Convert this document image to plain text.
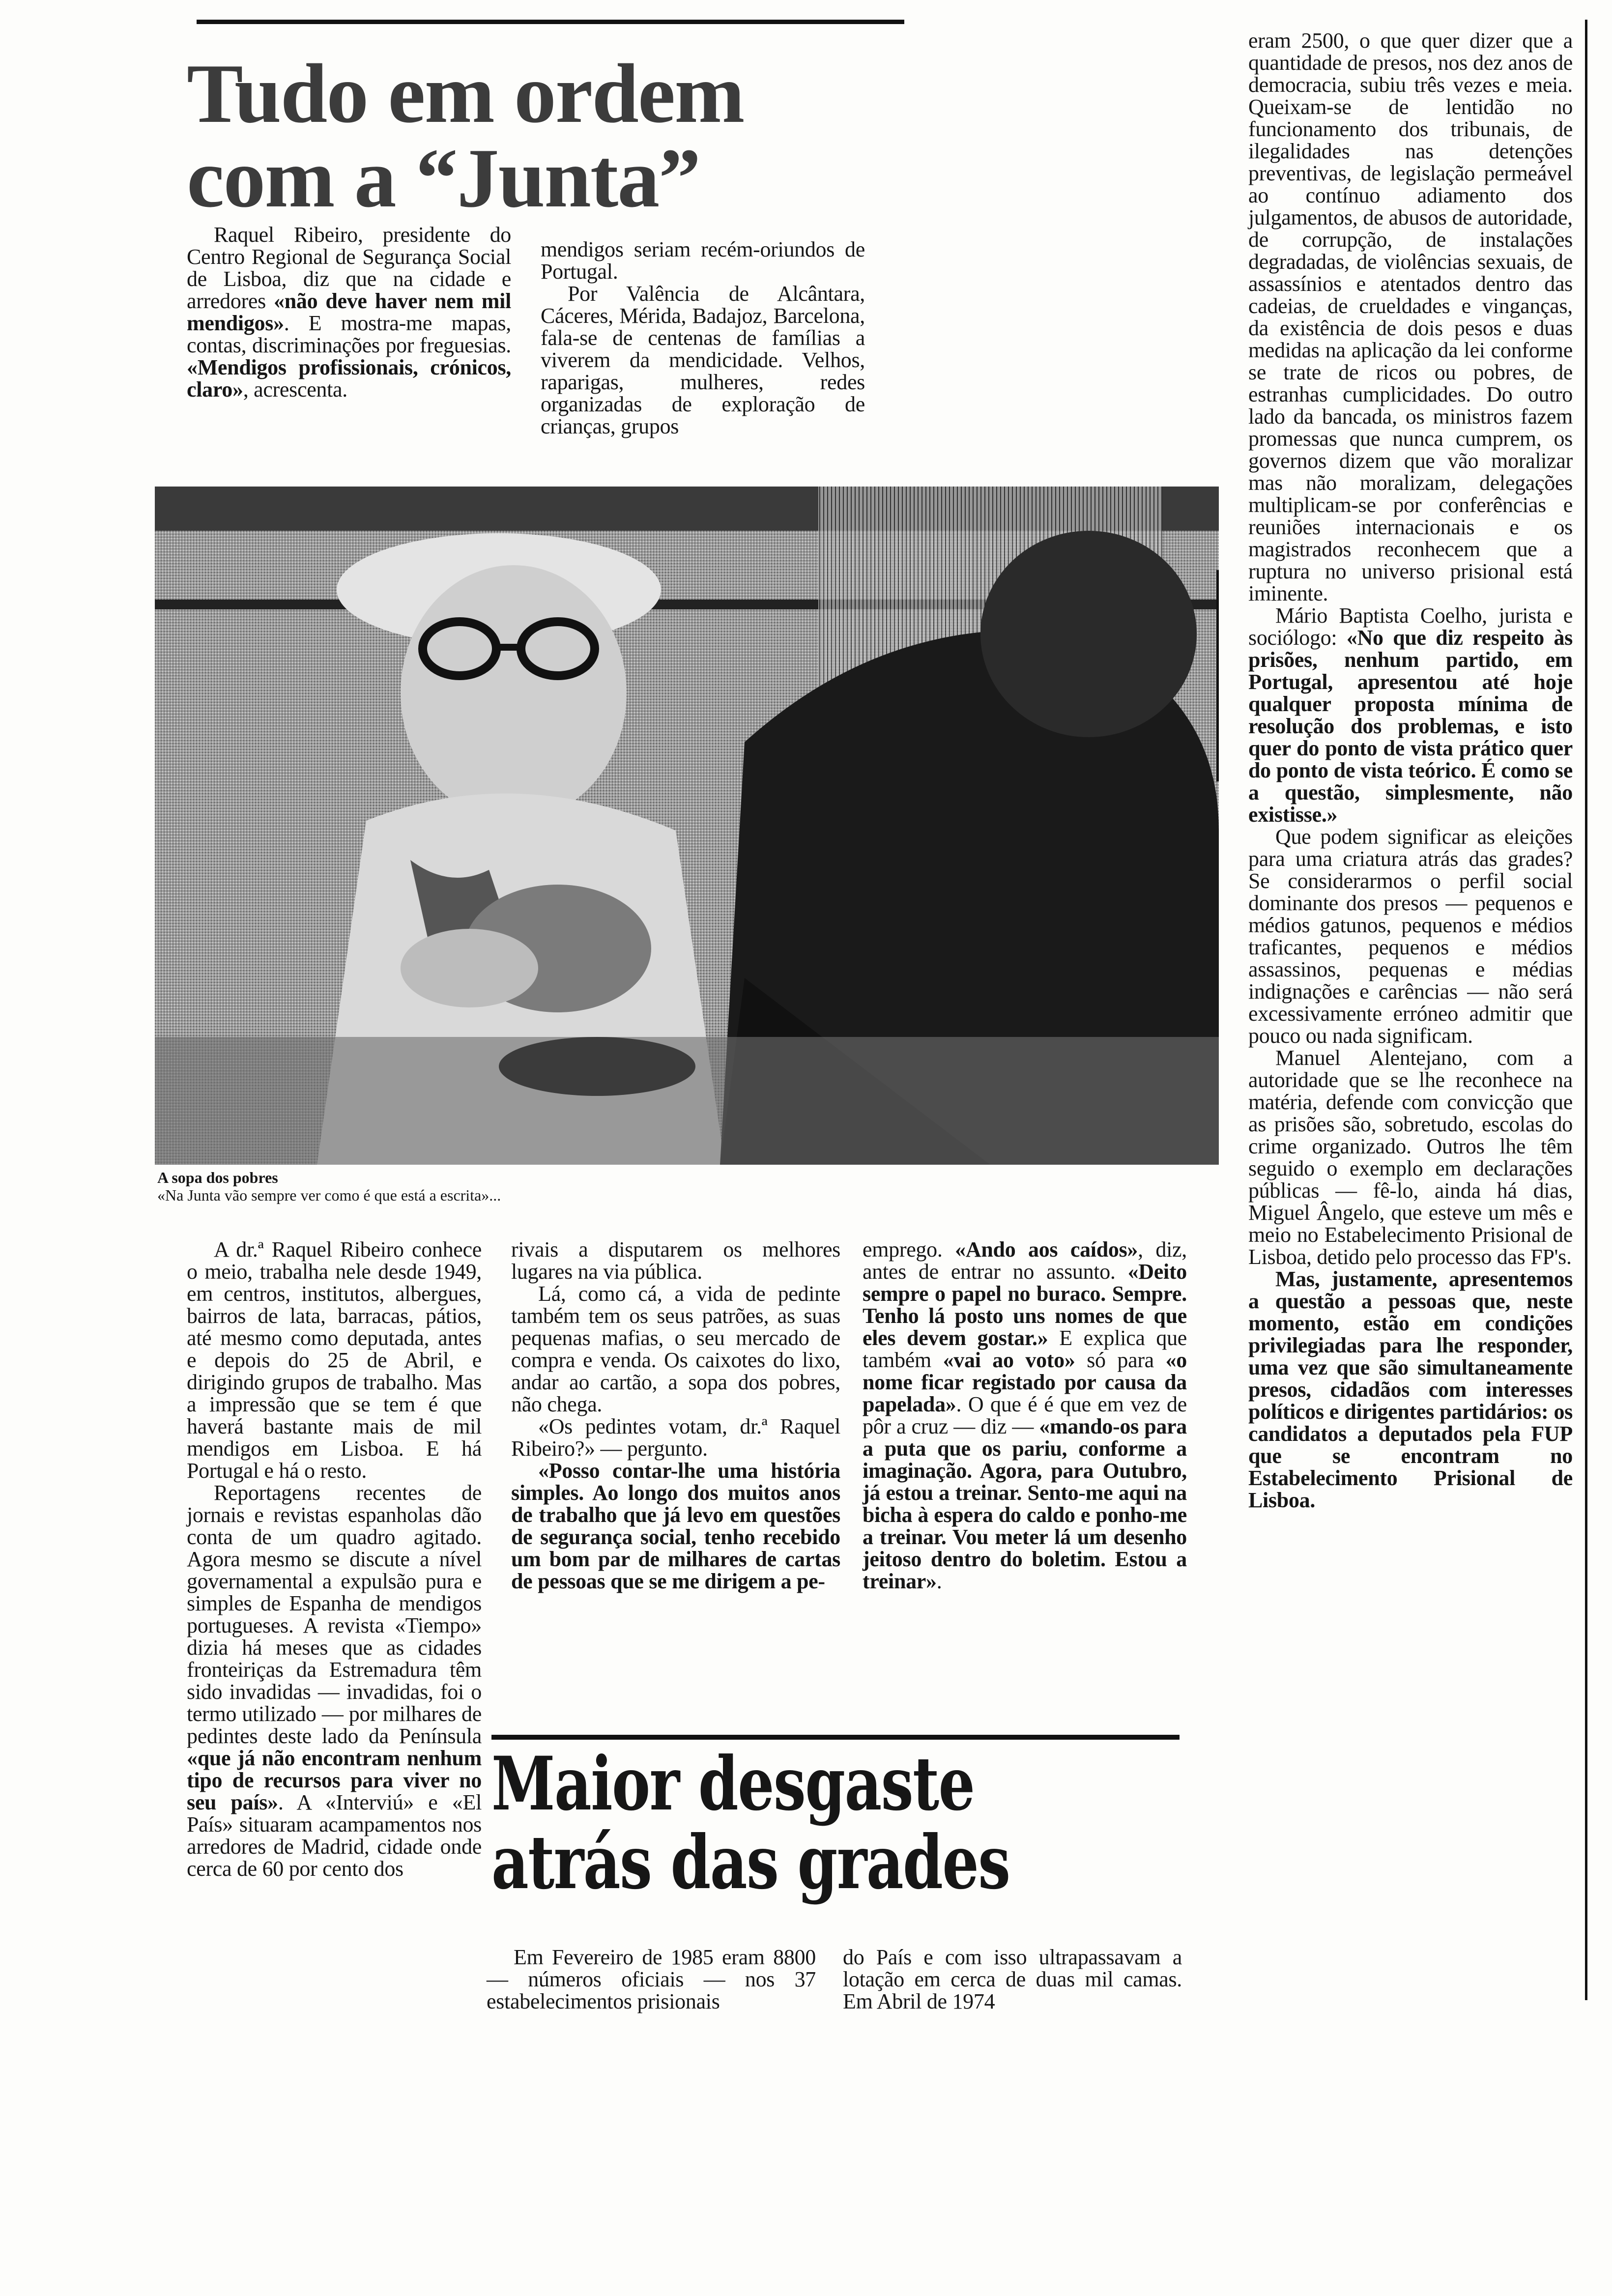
Tudo em ordem
com a “Junta”

Raquel Ribeiro, presidente do Centro Regional de Segurança Social de Lisboa, diz que na cidade e arredores «não deve haver nem mil mendigos». E mostra-me mapas, contas, discriminações por freguesias. «Mendigos profissionais, crónicos, claro», acrescenta.

mendigos seriam recém-oriundos de Portugal.

Por Valência de Alcântara, Cáceres, Mérida, Badajoz, Barcelona, fala-se de centenas de famílias a viverem da mendicidade. Velhos, raparigas, mulheres, redes organizadas de exploração de crianças, grupos

A sopa dos pobres
«Na Junta vão sempre ver como é que está a escrita»...

A dr.ª Raquel Ribeiro conhece o meio, trabalha nele desde 1949, em centros, institutos, albergues, bairros de lata, barracas, pátios, até mesmo como deputada, antes e depois do 25 de Abril, e dirigindo grupos de trabalho. Mas a impressão que se tem é que haverá bastante mais de mil mendigos em Lisboa. E há Portugal e há o resto.

Reportagens recentes de jornais e revistas espanholas dão conta de um quadro agitado. Agora mesmo se discute a nível governamental a expulsão pura e simples de Espanha de mendigos portugueses. A revista «Tiempo» dizia há meses que as cidades fronteiriças da Estremadura têm sido invadidas — invadidas, foi o termo utilizado — por milhares de pedintes deste lado da Península «que já não encontram nenhum tipo de recursos para viver no seu país». A «Interviú» e «El País» situaram acampamentos nos arredores de Madrid, cidade onde cerca de 60 por cento dos

rivais a disputarem os melhores lugares na via pública.

Lá, como cá, a vida de pedinte também tem os seus patrões, as suas pequenas mafias, o seu mercado de compra e venda. Os caixotes do lixo, andar ao cartão, a sopa dos pobres, não chega.

«Os pedintes votam, dr.ª Raquel Ribeiro?» — pergunto.

«Posso contar-lhe uma história simples. Ao longo dos muitos anos de trabalho que já levo em questões de segurança social, tenho recebido um bom par de milhares de cartas de pessoas que se me dirigem a pe-

emprego. «Ando aos caídos», diz, antes de entrar no assunto. «Deito sempre o papel no buraco. Sempre. Tenho lá posto uns nomes de que eles devem gostar.» E explica que também «vai ao voto» só para «o nome ficar registado por causa da papelada». O que é é que em vez de pôr a cruz — diz — «mando-os para a puta que os pariu, conforme a imaginação. Agora, para Outubro, já estou a treinar. Sento-me aqui na bicha à espera do caldo e ponho-me a treinar. Vou meter lá um desenho jeitoso dentro do boletim. Estou a treinar».

eram 2500, o que quer dizer que a quantidade de presos, nos dez anos de democracia, subiu três vezes e meia. Queixam-se de lentidão no funcionamento dos tribunais, de ilegalidades nas detenções preventivas, de legislação permeável ao contínuo adiamento dos julgamentos, de abusos de autoridade, de corrupção, de instalações degradadas, de violências sexuais, de assassínios e atentados dentro das cadeias, de crueldades e vinganças, da existência de dois pesos e duas medidas na aplicação da lei conforme se trate de ricos ou pobres, de estranhas cumplicidades. Do outro lado da bancada, os ministros fazem promessas que nunca cumprem, os governos dizem que vão moralizar mas não moralizam, delegações multiplicam-se por conferências e reuniões internacionais e os magistrados reconhecem que a ruptura no universo prisional está iminente.

Mário Baptista Coelho, jurista e sociólogo: «No que diz respeito às prisões, nenhum partido, em Portugal, apresentou até hoje qualquer proposta mínima de resolução dos problemas, e isto quer do ponto de vista prático quer do ponto de vista teórico. É como se a questão, simplesmente, não existisse.»

Que podem significar as eleições para uma criatura atrás das grades? Se considerarmos o perfil social dominante dos presos — pequenos e médios gatunos, pequenos e médios traficantes, pequenos e médios assassinos, pequenas e médias indignações e carências — não será excessivamente erróneo admitir que pouco ou nada significam.

Manuel Alentejano, com a autoridade que se lhe reconhece na matéria, defende com convicção que as prisões são, sobretudo, escolas do crime organizado. Outros lhe têm seguido o exemplo em declarações públicas — fê-lo, ainda há dias, Miguel Ângelo, que esteve um mês e meio no Estabelecimento Prisional de Lisboa, detido pelo processo das FP's.

Mas, justamente, apresentemos a questão a pessoas que, neste momento, estão em condições privilegiadas para lhe responder, uma vez que são simultaneamente presos, cidadãos com interesses políticos e dirigentes partidários: os candidatos a deputados pela FUP que se encontram no Estabelecimento Prisional de Lisboa.

Maior desgaste
atrás das grades

Em Fevereiro de 1985 eram 8800 — números oficiais — nos 37 estabelecimentos prisionais

do País e com isso ultrapassavam a lotação em cerca de duas mil camas. Em Abril de 1974
